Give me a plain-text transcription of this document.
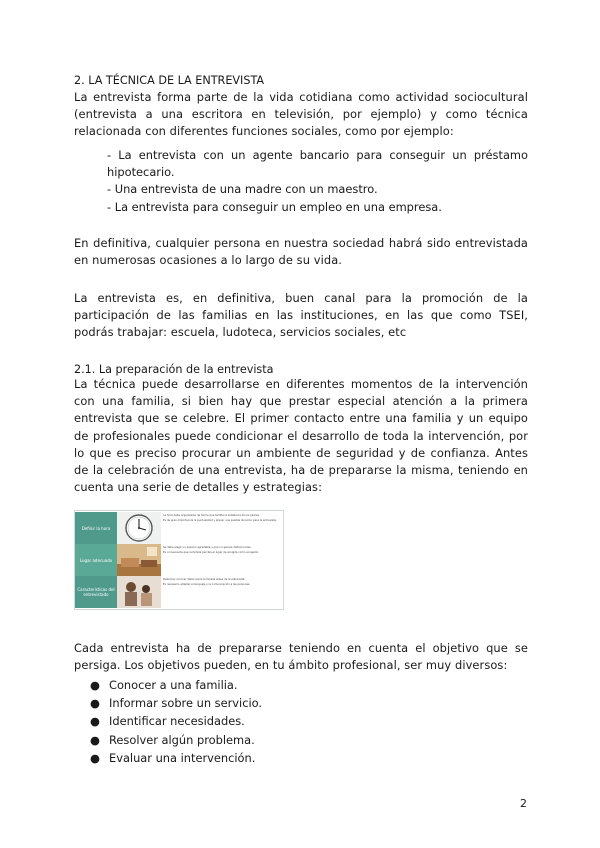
2. LA TÉCNICA DE LA ENTREVISTA
La entrevista forma parte de la vida cotidiana como actividad sociocultural (entrevista a una escritora en televisión, por ejemplo) y como técnica relacionada con diferentes funciones sociales, como por ejemplo:
- La entrevista con un agente bancario para conseguir un préstamo hipotecario.
- Una entrevista de una madre con un maestro.
- La entrevista para conseguir un empleo en una empresa.
En definitiva, cualquier persona en nuestra sociedad habrá sido entrevistada en numerosas ocasiones a lo largo de su vida.
La entrevista es, en definitiva, buen canal para la promoción de la participación de las familias en las instituciones, en las que como TSEI, podrás trabajar: escuela, ludoteca, servicios sociales, etc
2.1. La preparación de la entrevista
La técnica puede desarrollarse en diferentes momentos de la intervención con una familia, si bien hay que prestar especial atención a la primera entrevista que se celebre. El primer contacto entre una familia y un equipo de profesionales puede condicionar el desarrollo de toda la intervención, por lo que es preciso procurar un ambiente de seguridad y de confianza. Antes de la celebración de una entrevista, ha de prepararse la misma, teniendo en cuenta una serie de detalles y estrategias:
Definir la hora

La hora debe organizarse de forma que facilite la asistencia de los padres.

Es de gran importancia la puntualidad y prever una posible duración para la entrevista.

Lugar adecuado

Se debe elegir un espacio agradable y que no genere distracciones.

Es conveniente que la familia perciba el lugar de acogida como acogedor.

Características del entrevistado

Debemos conocer datos sobre la familia antes de la entrevista.

Es necesario adaptar el lenguaje y la comunicación a las personas.

Cada entrevista ha de prepararse teniendo en cuenta el objetivo que se persiga. Los objetivos pueden, en tu ámbito profesional, ser muy diversos:
● Conocer a una familia.
● Informar sobre un servicio.
● Identificar necesidades.
● Resolver algún problema.
● Evaluar una intervención.
2
